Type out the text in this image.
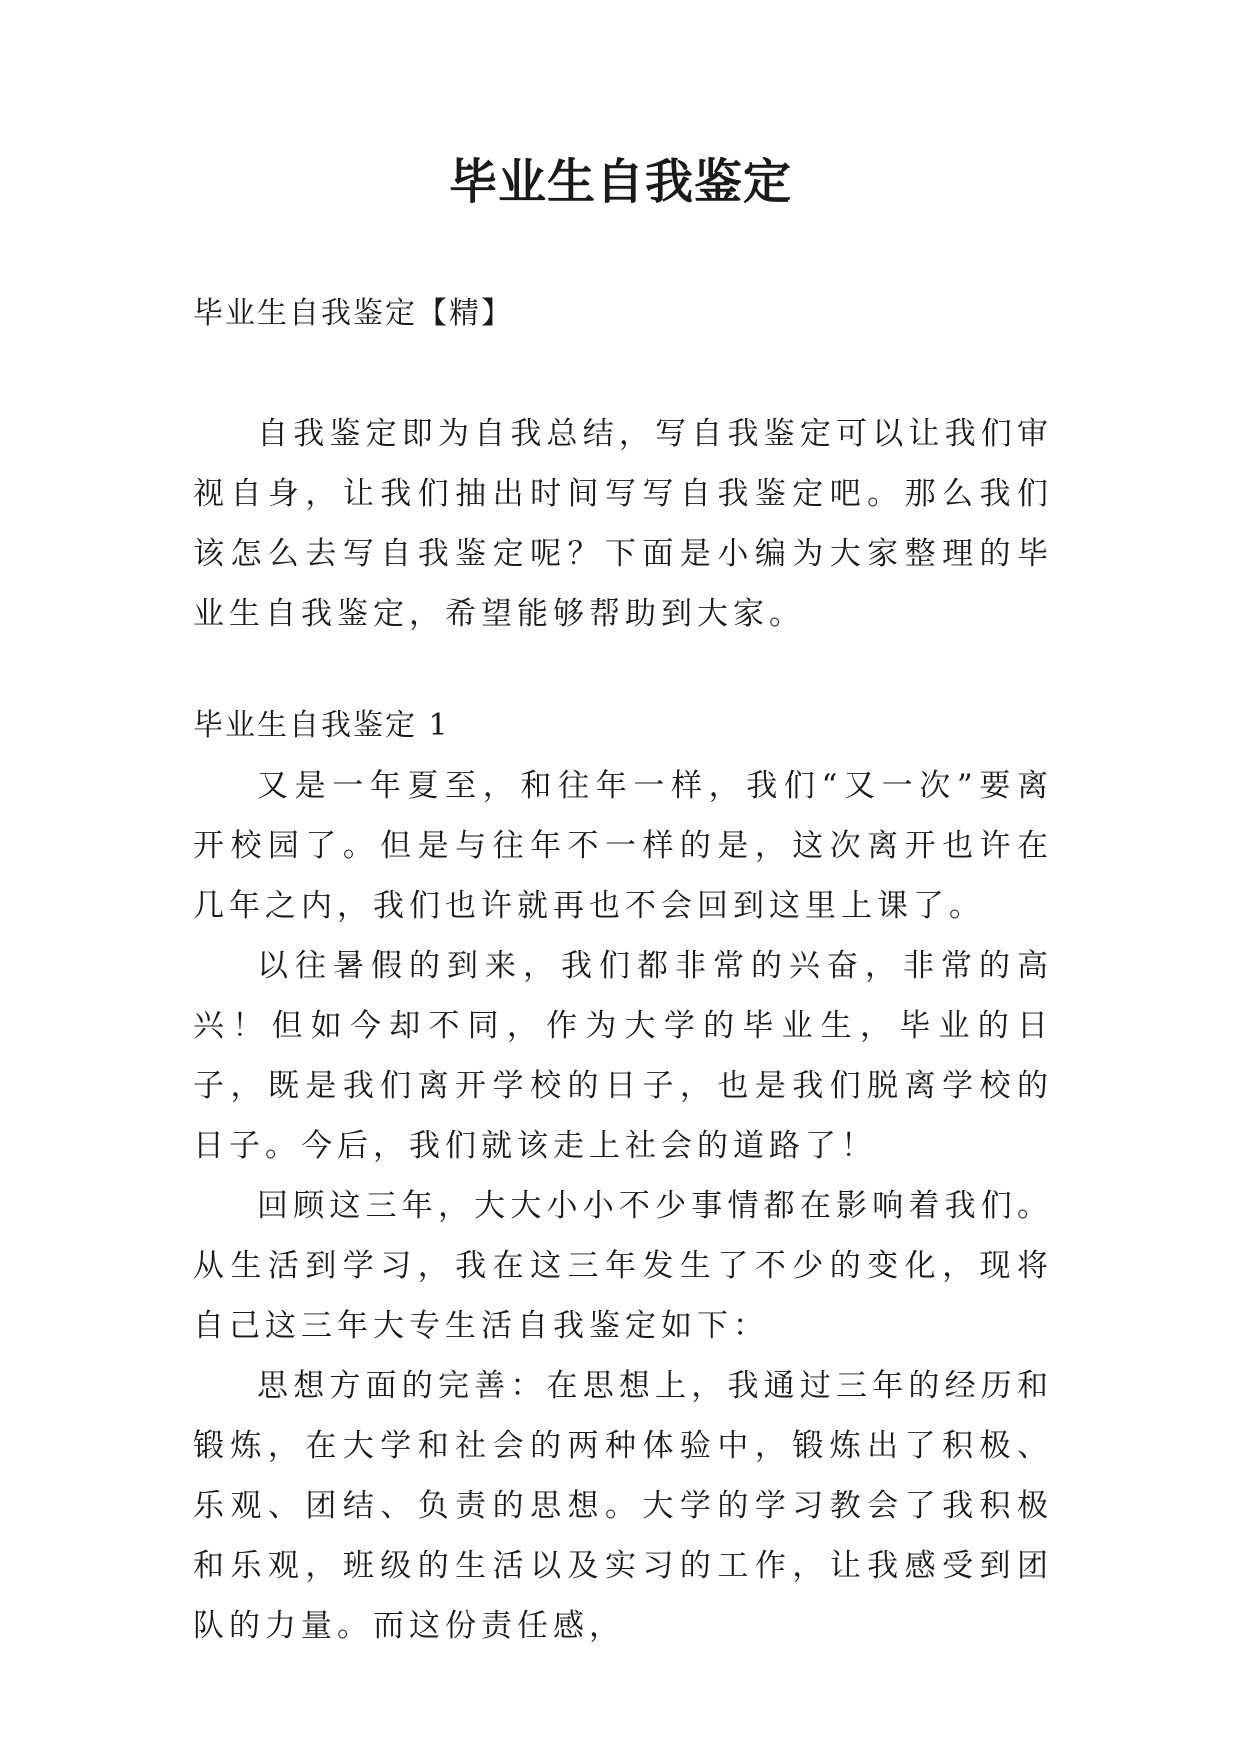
毕业生自我鉴定
毕业生自我鉴定【精】

自我鉴定即为自我总结，写自我鉴定可以让我们审视自身，让我们抽出时间写写自我鉴定吧。那么我们该怎么去写自我鉴定呢？下面是小编为大家整理的毕业生自我鉴定，希望能够帮助到大家。

毕业生自我鉴定 1

又是一年夏至，和往年一样，我们“又一次”要离开校园了。但是与往年不一样的是，这次离开也许在几年之内，我们也许就再也不会回到这里上课了。

以往暑假的到来，我们都非常的兴奋，非常的高兴！但如今却不同，作为大学的毕业生，毕业的日子，既是我们离开学校的日子，也是我们脱离学校的日子。今后，我们就该走上社会的道路了！

回顾这三年，大大小小不少事情都在影响着我们。从生活到学习，我在这三年发生了不少的变化，现将自己这三年大专生活自我鉴定如下：

思想方面的完善：在思想上，我通过三年的经历和锻炼，在大学和社会的两种体验中，锻炼出了积极、乐观、团结、负责的思想。大学的学习教会了我积极和乐观，班级的生活以及实习的工作，让我感受到团队的力量。而这份责任感，
